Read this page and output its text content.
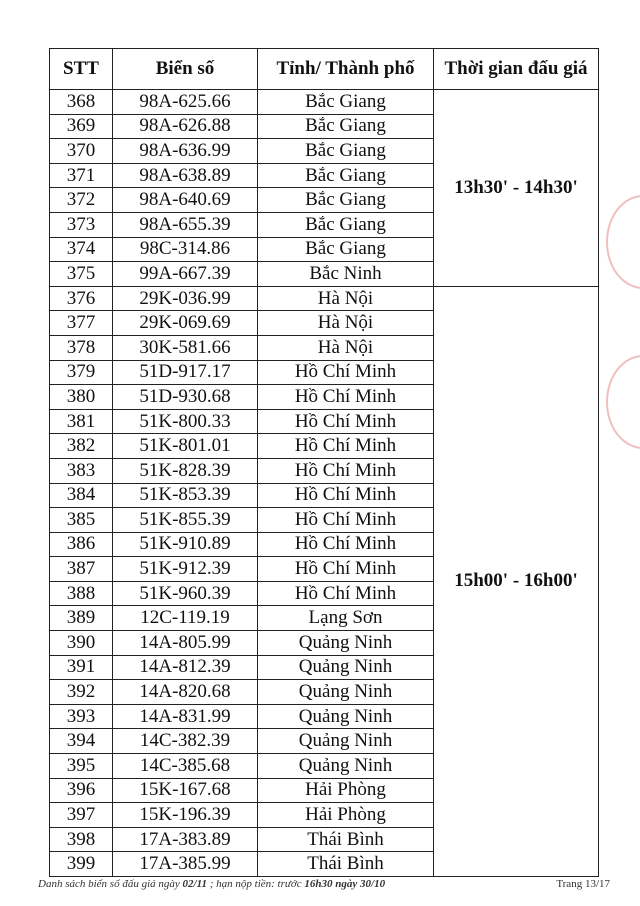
STT	Biển số	Tỉnh/ Thành phố	Thời gian đấu giá
368	98A-625.66	Bắc Giang	13h30' - 14h30'
369	98A-626.88	Bắc Giang	
370	98A-636.99	Bắc Giang	
371	98A-638.89	Bắc Giang	
372	98A-640.69	Bắc Giang	
373	98A-655.39	Bắc Giang	
374	98C-314.86	Bắc Giang	
375	99A-667.39	Bắc Ninh	
376	29K-036.99	Hà Nội	15h00' - 16h00'
377	29K-069.69	Hà Nội	
378	30K-581.66	Hà Nội	
379	51D-917.17	Hồ Chí Minh	
380	51D-930.68	Hồ Chí Minh	
381	51K-800.33	Hồ Chí Minh	
382	51K-801.01	Hồ Chí Minh	
383	51K-828.39	Hồ Chí Minh	
384	51K-853.39	Hồ Chí Minh	
385	51K-855.39	Hồ Chí Minh	
386	51K-910.89	Hồ Chí Minh	
387	51K-912.39	Hồ Chí Minh	
388	51K-960.39	Hồ Chí Minh	
389	12C-119.19	Lạng Sơn	
390	14A-805.99	Quảng Ninh	
391	14A-812.39	Quảng Ninh	
392	14A-820.68	Quảng Ninh	
393	14A-831.99	Quảng Ninh	
394	14C-382.39	Quảng Ninh	
395	14C-385.68	Quảng Ninh	
396	15K-167.68	Hải Phòng	
397	15K-196.39	Hải Phòng	
398	17A-383.89	Thái Bình	
399	17A-385.99	Thái Bình	
Danh sách biển số đấu giá ngày 02/11 ; hạn nộp tiền: trước 16h30 ngày 30/10	Trang 13/17
